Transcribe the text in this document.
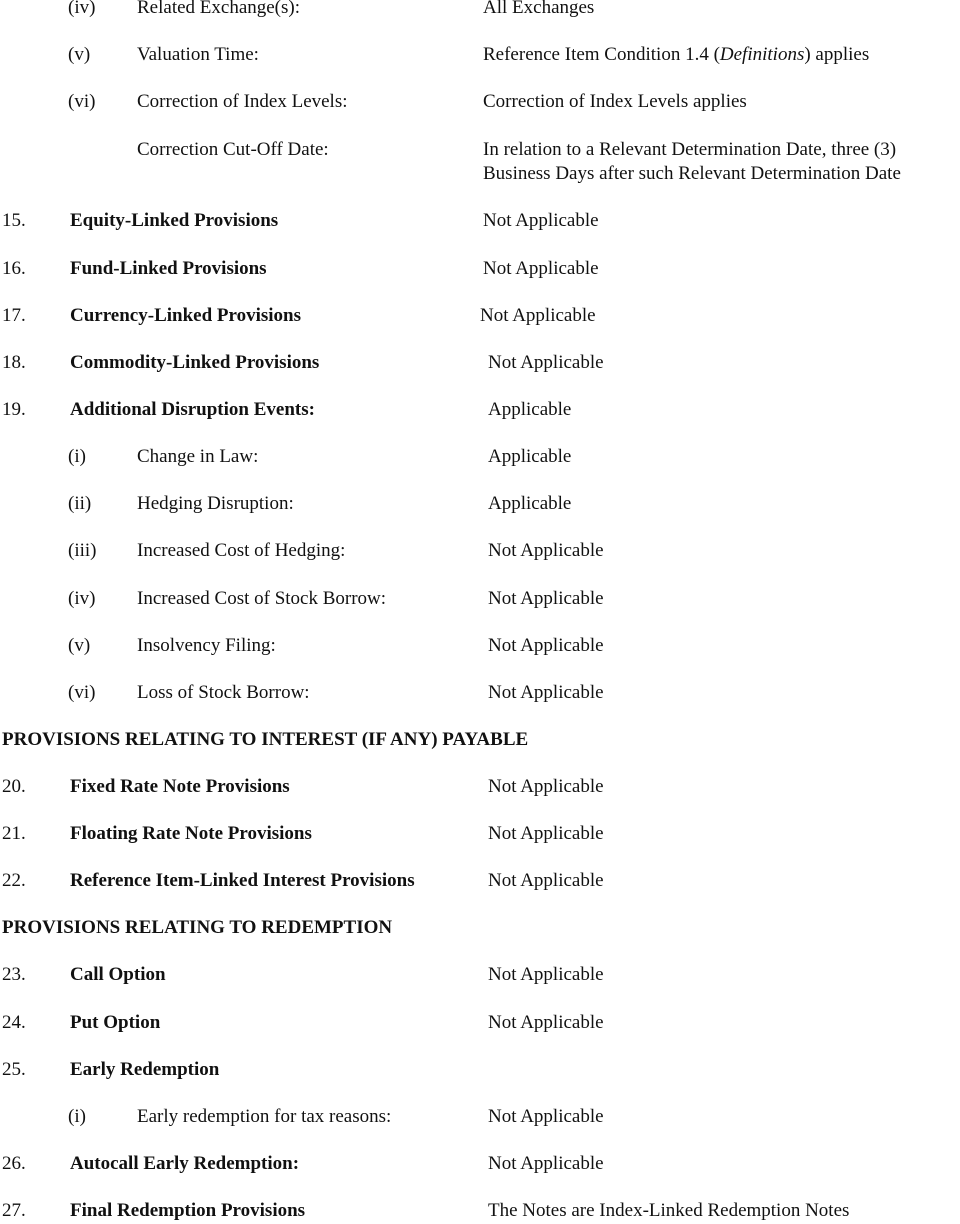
(iv) Related Exchange(s):	All Exchanges
(v) Valuation Time:	Reference Item Condition 1.4 (Definitions) applies
(vi) Correction of Index Levels:	Correction of Index Levels applies
Correction Cut-Off Date:	In relation to a Relevant Determination Date, three (3)
Business Days after such Relevant Determination Date
15. Equity-Linked Provisions	Not Applicable
16. Fund-Linked Provisions	Not Applicable
17. Currency-Linked Provisions	Not Applicable
18. Commodity-Linked Provisions	Not Applicable
19. Additional Disruption Events:	Applicable
(i)	Change in Law:	Applicable
(ii) Hedging Disruption:	Applicable
(iii) Increased Cost of Hedging:	Not Applicable
(iv) Increased Cost of Stock Borrow:	Not Applicable
(v) Insolvency Filing:	Not Applicable
(vi) Loss of Stock Borrow:	Not Applicable
PROVISIONS RELATING TO INTEREST (IF ANY) PAYABLE
20. Fixed Rate Note Provisions	Not Applicable
21. Floating Rate Note Provisions	Not Applicable
22. Reference Item-Linked Interest Provisions	Not Applicable
PROVISIONS RELATING TO REDEMPTION
23. Call Option	Not Applicable
24. Put Option	Not Applicable
25. Early Redemption
(i)	Early redemption for tax reasons:	Not Applicable
26. Autocall Early Redemption:	Not Applicable
27. Final Redemption Provisions	The Notes are Index-Linked Redemption Notes
